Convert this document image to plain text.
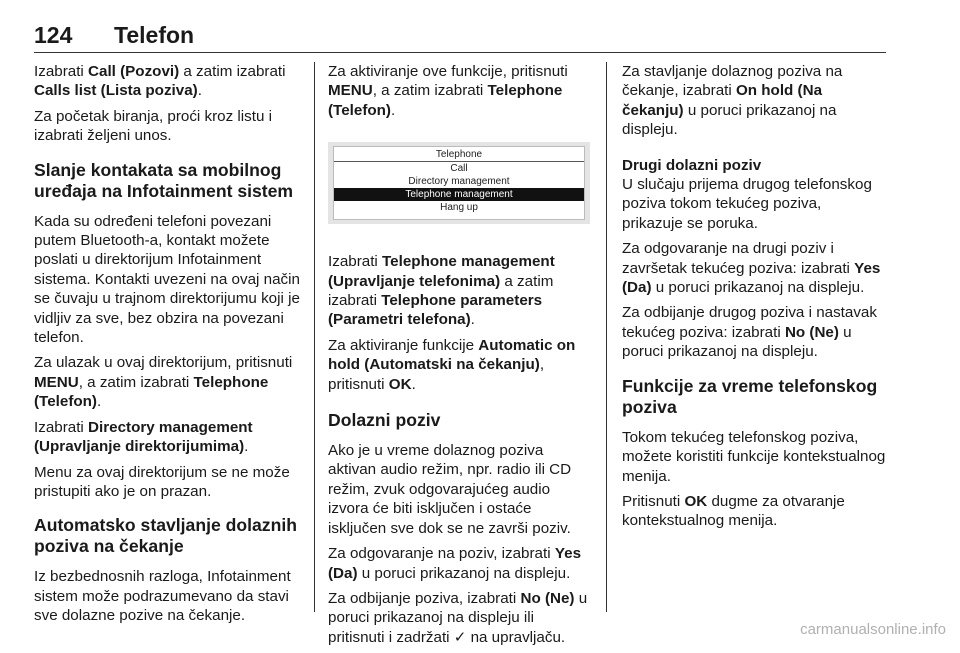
124 Telefon

Izabrati Call (Pozovi) a zatim izabrati Calls list (Lista poziva).

Za početak biranja, proći kroz listu i izabrati željeni unos.

Slanje kontakata sa mobilnog uređaja na Infotainment sistem

Kada su određeni telefoni povezani putem Bluetooth-a, kontakt možete poslati u direktorijum Infotainment sistema. Kontakti uvezeni na ovaj način se čuvaju u trajnom direktorijumu koji je vidljiv za sve, bez obzira na povezani telefon.

Za ulazak u ovaj direktorijum, pritisnuti MENU, a zatim izabrati Telephone (Telefon).

Izabrati Directory management (Upravljanje direktorijumima).

Menu za ovaj direktorijum se ne može pristupiti ako je on prazan.

Automatsko stavljanje dolaznih poziva na čekanje

Iz bezbednosnih razloga, Infotainment sistem može podrazumevano da stavi sve dolazne pozive na čekanje.

Za aktiviranje ove funkcije, pritisnuti MENU, a zatim izabrati Telephone (Telefon).

Telephone
Call
Directory management
Telephone management
Hang up

Izabrati Telephone management (Upravljanje telefonima) a zatim izabrati Telephone parameters (Parametri telefona).

Za aktiviranje funkcije Automatic on hold (Automatski na čekanju), pritisnuti OK.

Dolazni poziv

Ako je u vreme dolaznog poziva aktivan audio režim, npr. radio ili CD režim, zvuk odgovarajućeg audio izvora će biti isključen i ostaće isključen sve dok se ne završi poziv.

Za odgovaranje na poziv, izabrati Yes (Da) u poruci prikazanoj na displeju.

Za odbijanje poziva, izabrati No (Ne) u poruci prikazanoj na displeju ili pritisnuti i zadržati ✓ na upravljaču.

Za stavljanje dolaznog poziva na čekanje, izabrati On hold (Na čekanju) u poruci prikazanoj na displeju.

Drugi dolazni poziv
U slučaju prijema drugog telefonskog poziva tokom tekućeg poziva, prikazuje se poruka.

Za odgovaranje na drugi poziv i završetak tekućeg poziva: izabrati Yes (Da) u poruci prikazanoj na displeju.

Za odbijanje drugog poziva i nastavak tekućeg poziva: izabrati No (Ne) u poruci prikazanoj na displeju.

Funkcije za vreme telefonskog poziva

Tokom tekućeg telefonskog poziva, možete koristiti funkcije kontekstualnog menija.

Pritisnuti OK dugme za otvaranje kontekstualnog menija.

carmanualsonline.info
